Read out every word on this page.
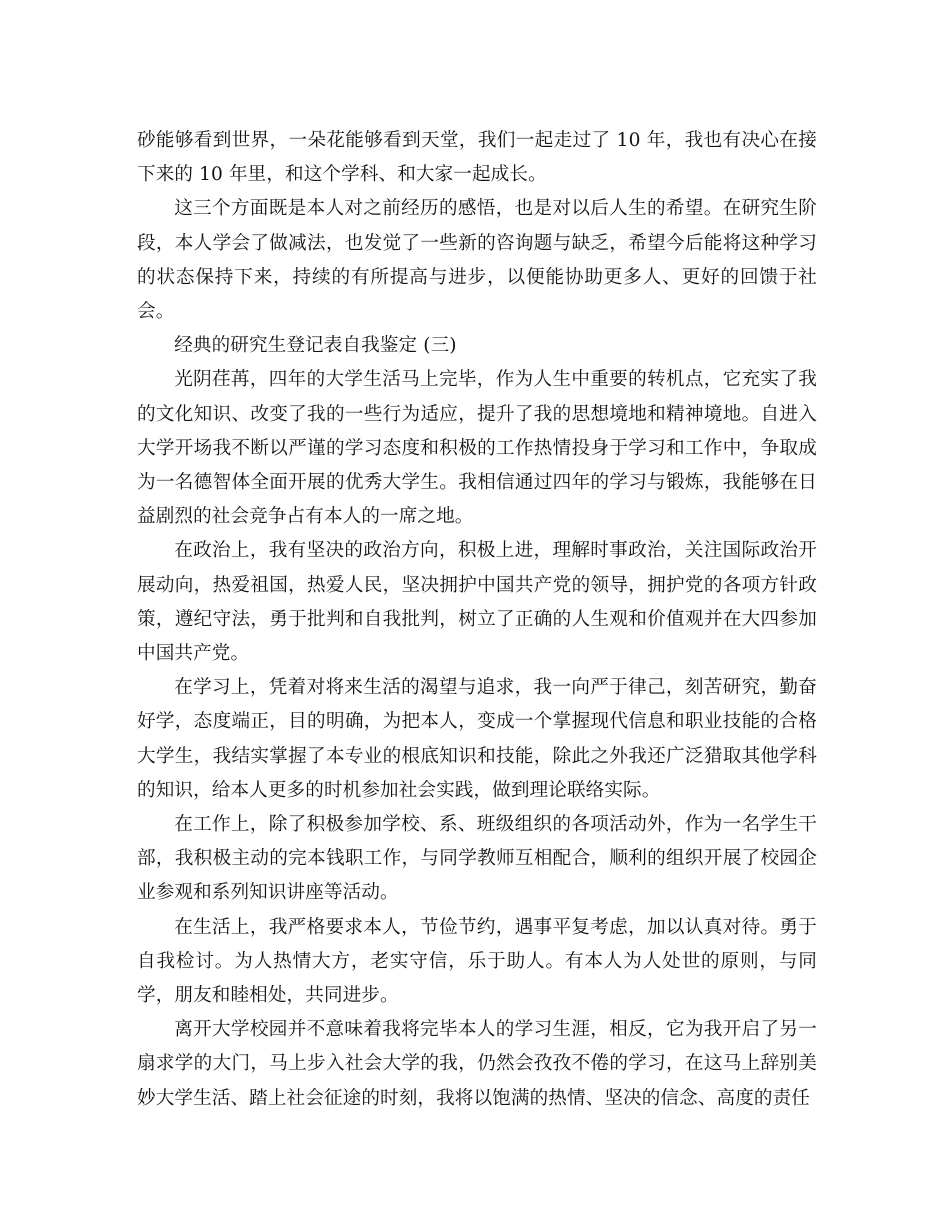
砂能够看到世界，一朵花能够看到天堂，我们一起走过了 10 年，我也有决心在接下来的 10 年里，和这个学科、和大家一起成长。

这三个方面既是本人对之前经历的感悟，也是对以后人生的希望。在研究生阶段，本人学会了做减法，也发觉了一些新的咨询题与缺乏，希望今后能将这种学习的状态保持下来，持续的有所提高与进步，以便能协助更多人、更好的回馈于社会。

经典的研究生登记表自我鉴定 (三)

光阴荏苒，四年的大学生活马上完毕，作为人生中重要的转机点，它充实了我的文化知识、改变了我的一些行为适应，提升了我的思想境地和精神境地。自进入大学开场我不断以严谨的学习态度和积极的工作热情投身于学习和工作中，争取成为一名德智体全面开展的优秀大学生。我相信通过四年的学习与锻炼，我能够在日益剧烈的社会竞争占有本人的一席之地。

在政治上，我有坚决的政治方向，积极上进，理解时事政治，关注国际政治开展动向，热爱祖国，热爱人民，坚决拥护中国共产党的领导，拥护党的各项方针政策，遵纪守法，勇于批判和自我批判，树立了正确的人生观和价值观并在大四参加中国共产党。

在学习上，凭着对将来生活的渴望与追求，我一向严于律己，刻苦研究，勤奋好学，态度端正，目的明确，为把本人，变成一个掌握现代信息和职业技能的合格大学生，我结实掌握了本专业的根底知识和技能，除此之外我还广泛猎取其他学科的知识，给本人更多的时机参加社会实践，做到理论联络实际。

在工作上，除了积极参加学校、系、班级组织的各项活动外，作为一名学生干部，我积极主动的完本钱职工作，与同学教师互相配合，顺利的组织开展了校园企业参观和系列知识讲座等活动。

在生活上，我严格要求本人，节俭节约，遇事平复考虑，加以认真对待。勇于自我检讨。为人热情大方，老实守信，乐于助人。有本人为人处世的原则，与同学，朋友和睦相处，共同进步。

离开大学校园并不意味着我将完毕本人的学习生涯，相反，它为我开启了另一扇求学的大门，马上步入社会大学的我，仍然会孜孜不倦的学习，在这马上辞别美妙大学生活、踏上社会征途的时刻，我将以饱满的热情、坚决的信念、高度的责任
